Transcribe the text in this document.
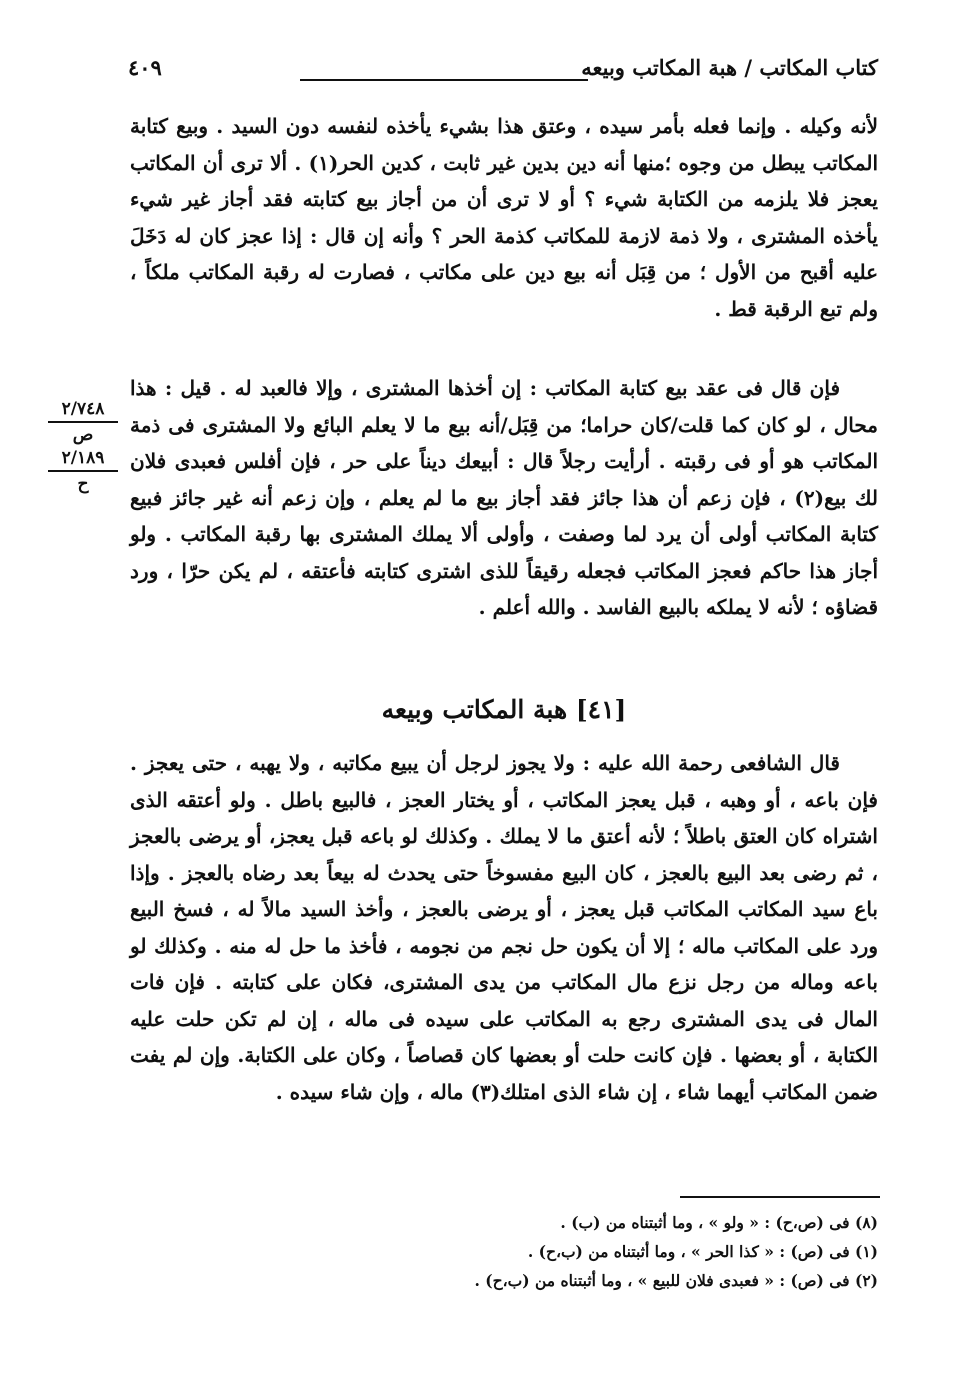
كتاب المكاتب / هبة المكاتب وبيعه
٤٠٩
٢/٧٤٨
ص
٢/١٨٩
ح
لأنه وكيله . وإنما فعله بأمر سيده ، وعتق هذا بشيء يأخذه لنفسه دون السيد . وبيع كتابة المكاتب يبطل من وجوه ؛منها أنه دين بدين غير ثابت ، كدين الحر(١) . ألا ترى أن المكاتب يعجز فلا يلزمه من الكتابة شيء ؟ أو لا ترى أن من أجاز بيع كتابته فقد أجاز غير شيء يأخذه المشترى ، ولا ذمة لازمة للمكاتب كذمة الحر ؟ وأنه إن قال : إذا عجز كان له دَخَلَ عليه أقبح من الأول ؛ من قِبَل أنه بيع دين على مكاتب ، فصارت له رقبة المكاتب ملكاً ، ولم تبع الرقبة قط .
فإن قال فى عقد بيع كتابة المكاتب : إن أخذها المشترى ، وإلا فالعبد له . قيل : هذا محال ، لو كان كما قلت/كان حراما؛ من قِبَل/أنه بيع ما لا يعلم البائع ولا المشترى فى ذمة المكاتب هو أو فى رقبته . أرأيت رجلاً قال : أبيعك ديناً على حر ، فإن أفلس فعبدى فلان لك بيع(٢) ، فإن زعم أن هذا جائز فقد أجاز بيع ما لم يعلم ، وإن زعم أنه غير جائز فبيع كتابة المكاتب أولى أن يرد لما وصفت ، وأولى ألا يملك المشترى بها رقبة المكاتب . ولو أجاز هذا حاكم فعجز المكاتب فجعله رقيقاً للذى اشترى كتابته فأعتقه ، لم يكن حرّا ، ورد قضاؤه ؛ لأنه لا يملكه بالبيع الفاسد . والله أعلم .
[٤١] هبة المكاتب وبيعه
قال الشافعى رحمة الله عليه : ولا يجوز لرجل أن يبيع مكاتبه ، ولا يهبه ، حتى يعجز . فإن باعه ، أو وهبه ، قبل يعجز المكاتب ، أو يختار العجز ، فالبيع باطل . ولو أعتقه الذى اشتراه كان العتق باطلاً ؛ لأنه أعتق ما لا يملك . وكذلك لو باعه قبل يعجز، أو يرضى بالعجز ، ثم رضى بعد البيع بالعجز ، كان البيع مفسوخاً حتى يحدث له بيعاً بعد رضاه بالعجز . وإذا باع سيد المكاتب المكاتب قبل يعجز ، أو يرضى بالعجز ، وأخذ السيد مالاً له ، فسخ البيع ورد على المكاتب ماله ؛ إلا أن يكون حل نجم من نجومه ، فأخذ ما حل له منه . وكذلك لو باعه وماله من رجل نزع مال المكاتب من يدى المشترى، فكان على كتابته . فإن فات المال فى يدى المشترى رجع به المكاتب على سيده فى ماله ، إن لم تكن حلت عليه الكتابة ، أو بعضها . فإن كانت حلت أو بعضها كان قصاصاً ، وكان على الكتابة. وإن لم يفت ضمن المكاتب أيهما شاء ، إن شاء الذى امتلك(٣) ماله ، وإن شاء سيده .
(٨) فى (ص،ح) : « ولو » ، وما أثبتناه من (ب) .
(١) فى (ص) : « كذا الحر » ، وما أثبتناه من (ب،ح) .
(٢) فى (ص) : « فعبدى فلان للبيع » ، وما أثبتناه من (ب،ح) .
